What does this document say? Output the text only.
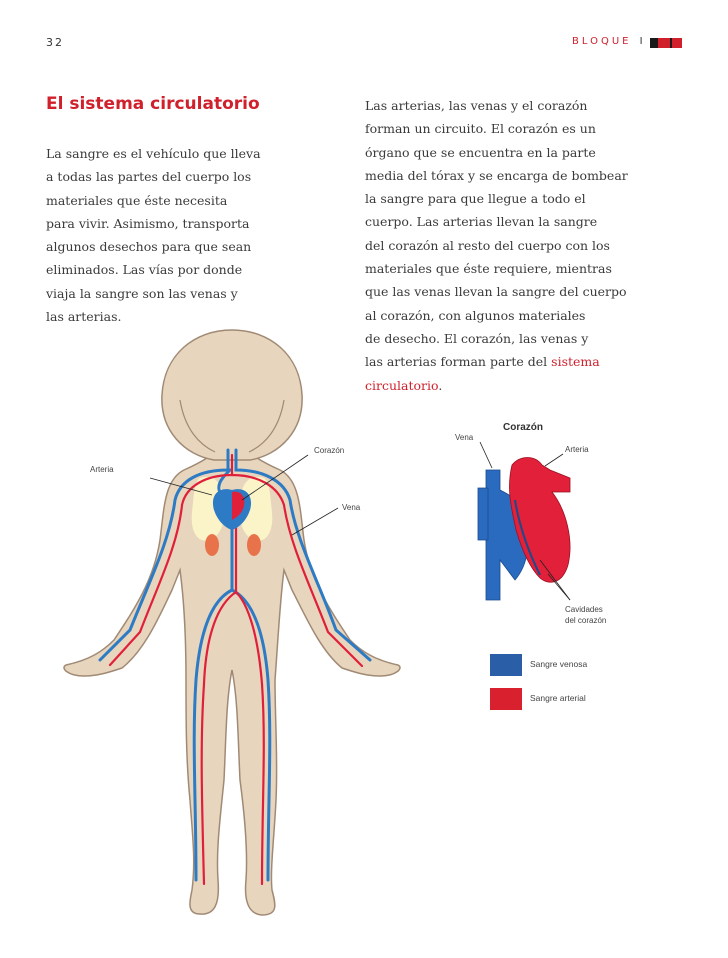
32	BLOQUE I
El sistema circulatorio
La sangre es el vehículo que lleva
a todas las partes del cuerpo los
materiales que éste necesita
para vivir. Asimismo, transporta
algunos desechos para que sean
eliminados. Las vías por donde
viaja la sangre son las venas y
las arterias.
Las arterias, las venas y el corazón
forman un circuito. El corazón es un
órgano que se encuentra en la parte
media del tórax y se encarga de bombear
la sangre para que llegue a todo el
cuerpo. Las arterias llevan la sangre
del corazón al resto del cuerpo con los
materiales que éste requiere, mientras
que las venas llevan la sangre del cuerpo
al corazón, con algunos materiales
de desecho. El corazón, las venas y
las arterias forman parte del sistema
circulatorio.
Arteria
Corazón
Vena
Corazón
Vena
Arteria
Cavidades
del corazón
Sangre venosa
Sangre arterial
